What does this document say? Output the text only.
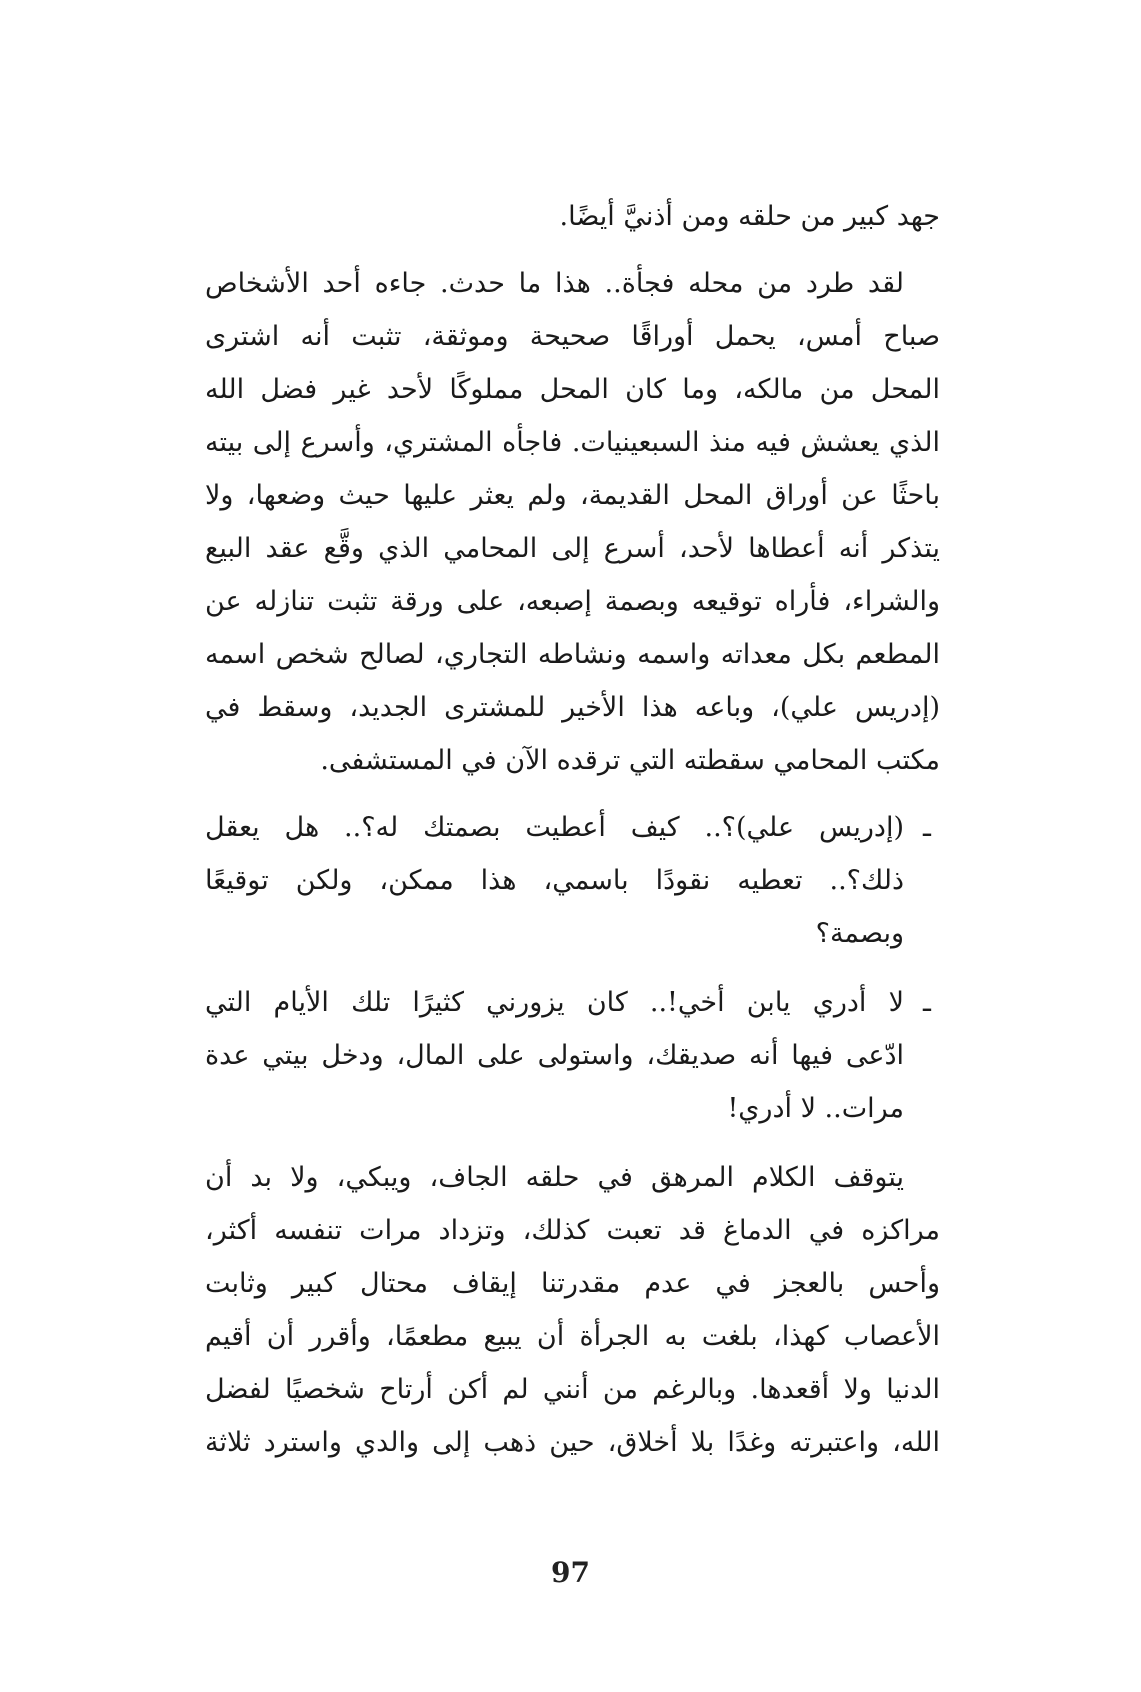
جهد كبير من حلقه ومن أذنيَّ أيضًا.
لقد طرد من محله فجأة.. هذا ما حدث. جاءه أحد الأشخاص
صباح أمس، يحمل أوراقًا صحيحة وموثقة، تثبت أنه اشترى
المحل من مالكه، وما كان المحل مملوكًا لأحد غير فضل الله
الذي يعشش فيه منذ السبعينيات. فاجأه المشتري، وأسرع إلى بيته
باحثًا عن أوراق المحل القديمة، ولم يعثر عليها حيث وضعها، ولا
يتذكر أنه أعطاها لأحد، أسرع إلى المحامي الذي وقَّع عقد البيع
والشراء، فأراه توقيعه وبصمة إصبعه، على ورقة تثبت تنازله عن
المطعم بكل معداته واسمه ونشاطه التجاري، لصالح شخص اسمه
(إدريس علي)، وباعه هذا الأخير للمشترى الجديد، وسقط في
مكتب المحامي سقطته التي ترقده الآن في المستشفى.
ـ
(إدريس علي)؟.. كيف أعطيت بصمتك له؟.. هل يعقل
ذلك؟.. تعطيه نقودًا باسمي، هذا ممكن، ولكن توقيعًا
وبصمة؟
ـ
لا أدري يابن أخي!.. كان يزورني كثيرًا تلك الأيام التي
ادّعى فيها أنه صديقك، واستولى على المال، ودخل بيتي عدة
مرات.. لا أدري!
يتوقف الكلام المرهق في حلقه الجاف، ويبكي، ولا بد أن
مراكزه في الدماغ قد تعبت كذلك، وتزداد مرات تنفسه أكثر،
وأحس بالعجز في عدم مقدرتنا إيقاف محتال كبير وثابت
الأعصاب كهذا، بلغت به الجرأة أن يبيع مطعمًا، وأقرر أن أقيم
الدنيا ولا أقعدها. وبالرغم من أنني لم أكن أرتاح شخصيًا لفضل
الله، واعتبرته وغدًا بلا أخلاق، حين ذهب إلى والدي واسترد ثلاثة
97
